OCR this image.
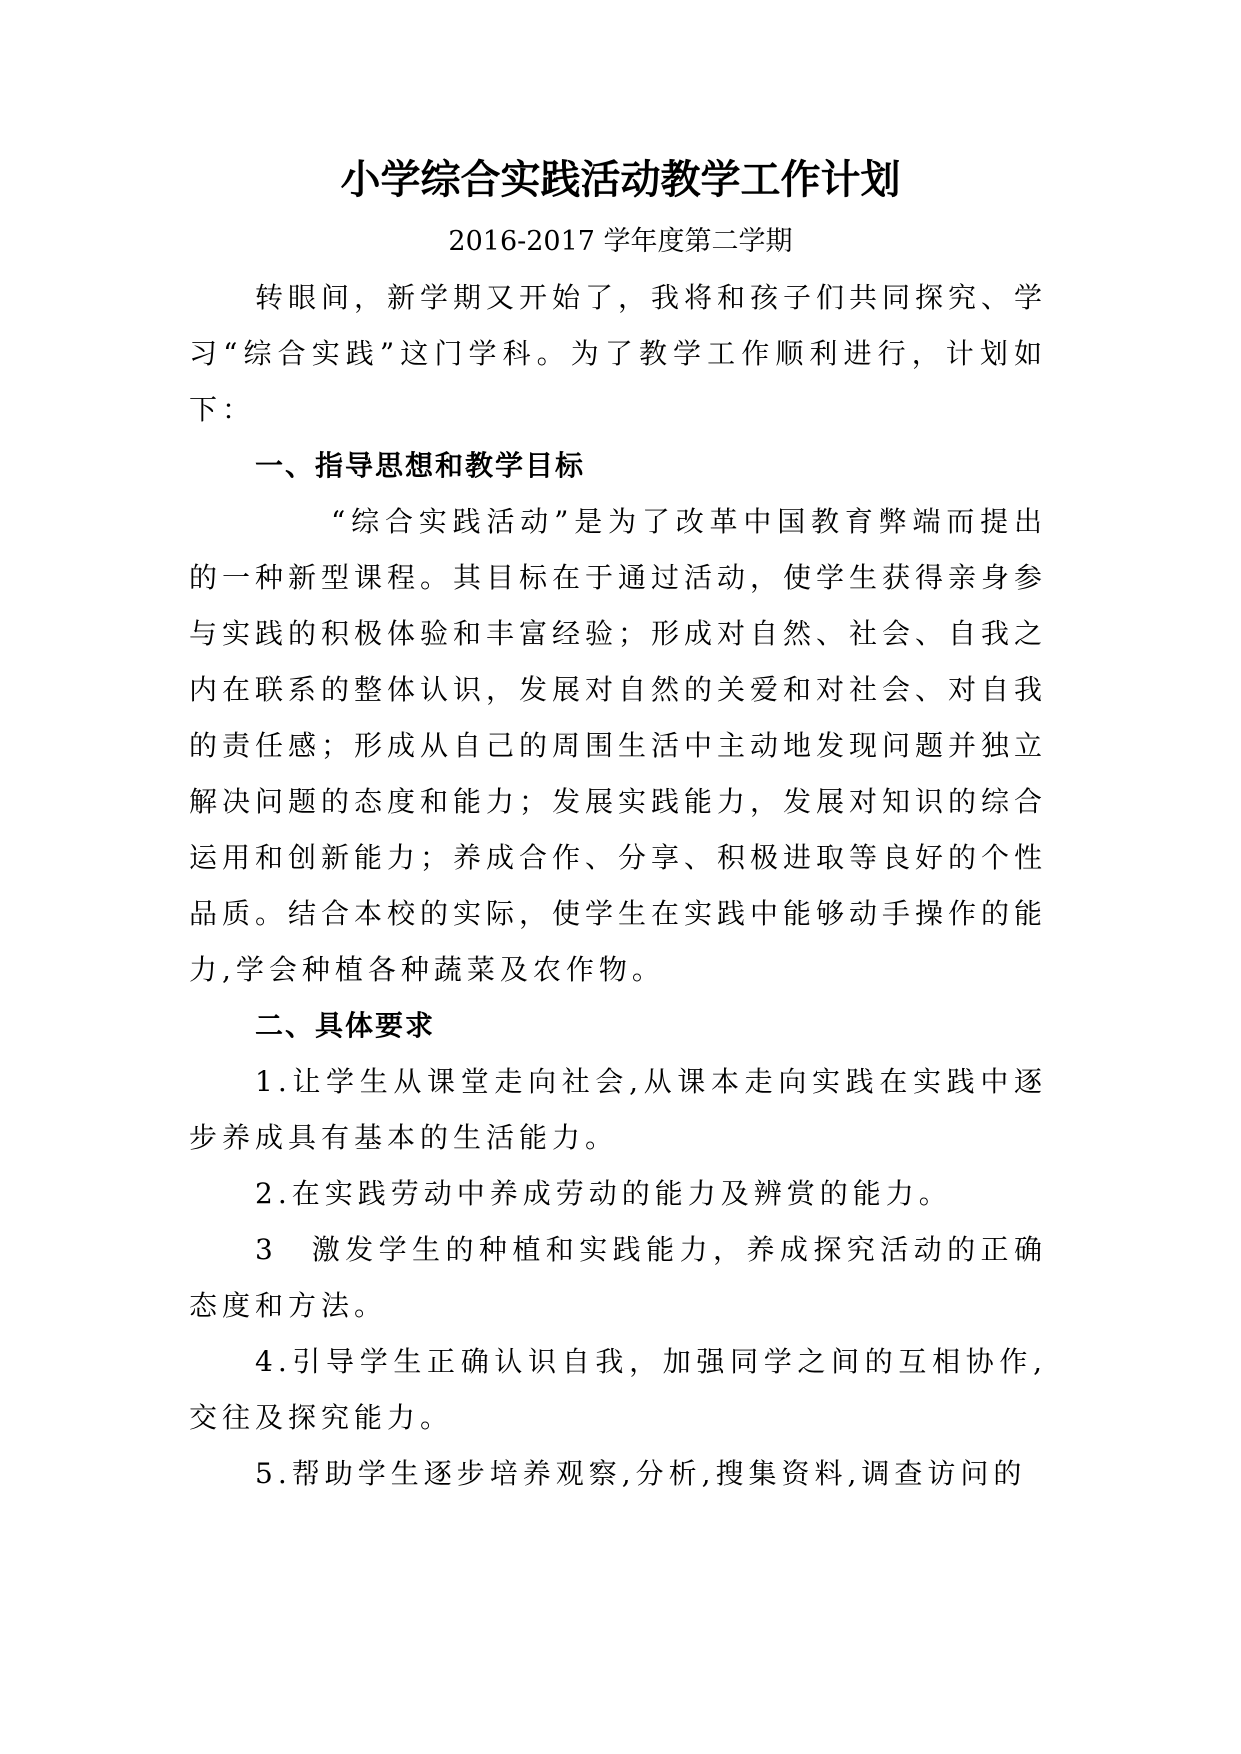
小学综合实践活动教学工作计划
2016-2017 学年度第二学期

转眼间，新学期又开始了，我将和孩子们共同探究、学习“综合实践”这门学科。为了教学工作顺利进行，计划如下：

一、指导思想和教学目标

“综合实践活动”是为了改革中国教育弊端而提出的一种新型课程。其目标在于通过活动，使学生获得亲身参与实践的积极体验和丰富经验；形成对自然、社会、自我之内在联系的整体认识，发展对自然的关爱和对社会、对自我的责任感；形成从自己的周围生活中主动地发现问题并独立解决问题的态度和能力；发展实践能力，发展对知识的综合运用和创新能力；养成合作、分享、积极进取等良好的个性品质。结合本校的实际，使学生在实践中能够动手操作的能力,学会种植各种蔬菜及农作物。

二、具体要求

1.让学生从课堂走向社会,从课本走向实践在实践中逐步养成具有基本的生活能力。

2.在实践劳动中养成劳动的能力及辨赏的能力。

3　激发学生的种植和实践能力，养成探究活动的正确态度和方法。

4.引导学生正确认识自我，加强同学之间的互相协作,交往及探究能力。

5.帮助学生逐步培养观察,分析,搜集资料,调查访问的
